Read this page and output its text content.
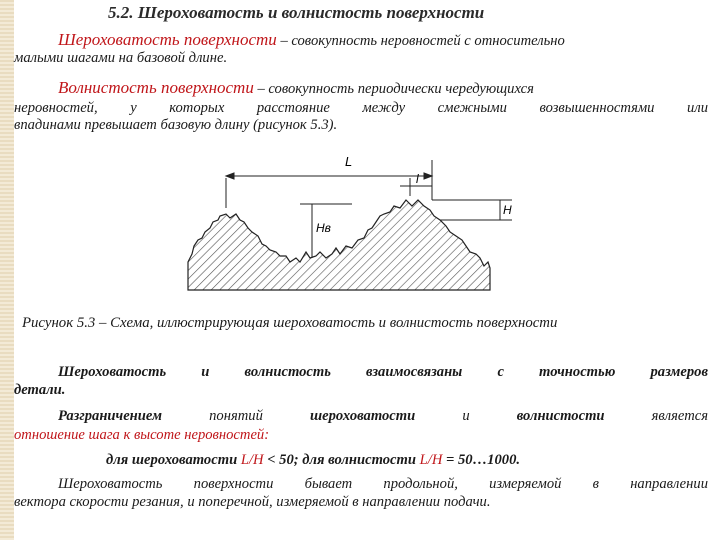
5.2. Шероховатость и волнистость поверхности
Шероховатость поверхности – совокупность неровностей с относительно
малыми шагами на базовой длине.
Волнистость поверхности – совокупность периодически чередующихся
неровностей, у которых расстояние между смежными возвышенностями или
впадинами превышает базовую длину (рисунок 5.3).
L
l
H
Hв
Рисунок 5.3 – Схема, иллюстрирующая шероховатость и волнистость поверхности
Шероховатость и волнистость взаимосвязаны с точностью размеров
детали.
Разграничением	понятий	шероховатости	и	волнистости	является
отношение шага к высоте неровностей:
для шероховатости L/H < 50; для волнистости L/H = 50…1000.
Шероховатость поверхности бывает продольной, измеряемой в направлении
вектора скорости резания, и поперечной, измеряемой в направлении подачи.
